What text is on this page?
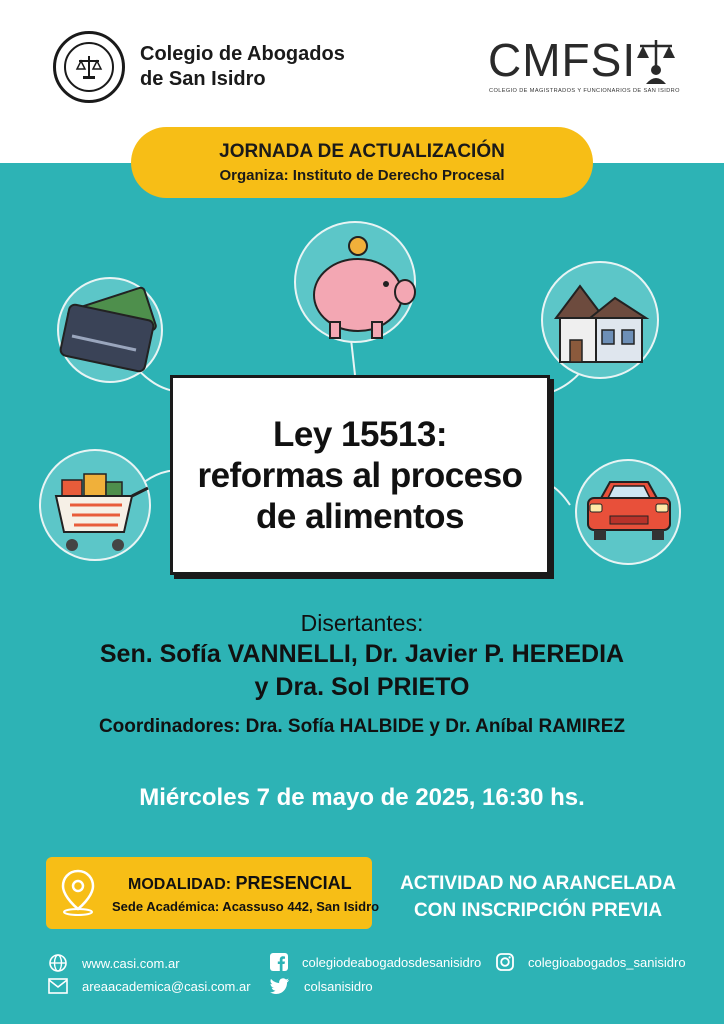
Colegio de Abogados
de San Isidro	CMFSI
COLEGIO DE MAGISTRADOS Y FUNCIONARIOS DE SAN ISIDRO
JORNADA DE ACTUALIZACIÓN
Organiza: Instituto de Derecho Procesal
Ley 15513:
reformas al proceso
de alimentos
Disertantes:
Sen. Sofía VANNELLI, Dr. Javier P. HEREDIA
y Dra. Sol PRIETO
Coordinadores: Dra. Sofía HALBIDE y Dr. Aníbal RAMIREZ
Miércoles 7 de mayo de 2025, 16:30 hs.
MODALIDAD: PRESENCIAL
Sede Académica: Acassuso 442, San Isidro
ACTIVIDAD NO ARANCELADA
CON INSCRIPCIÓN PREVIA
www.casi.com.ar
areaacademica@casi.com.ar
colegiodeabogadosdesanisidro
colsanisidro
colegioabogados_sanisidro
